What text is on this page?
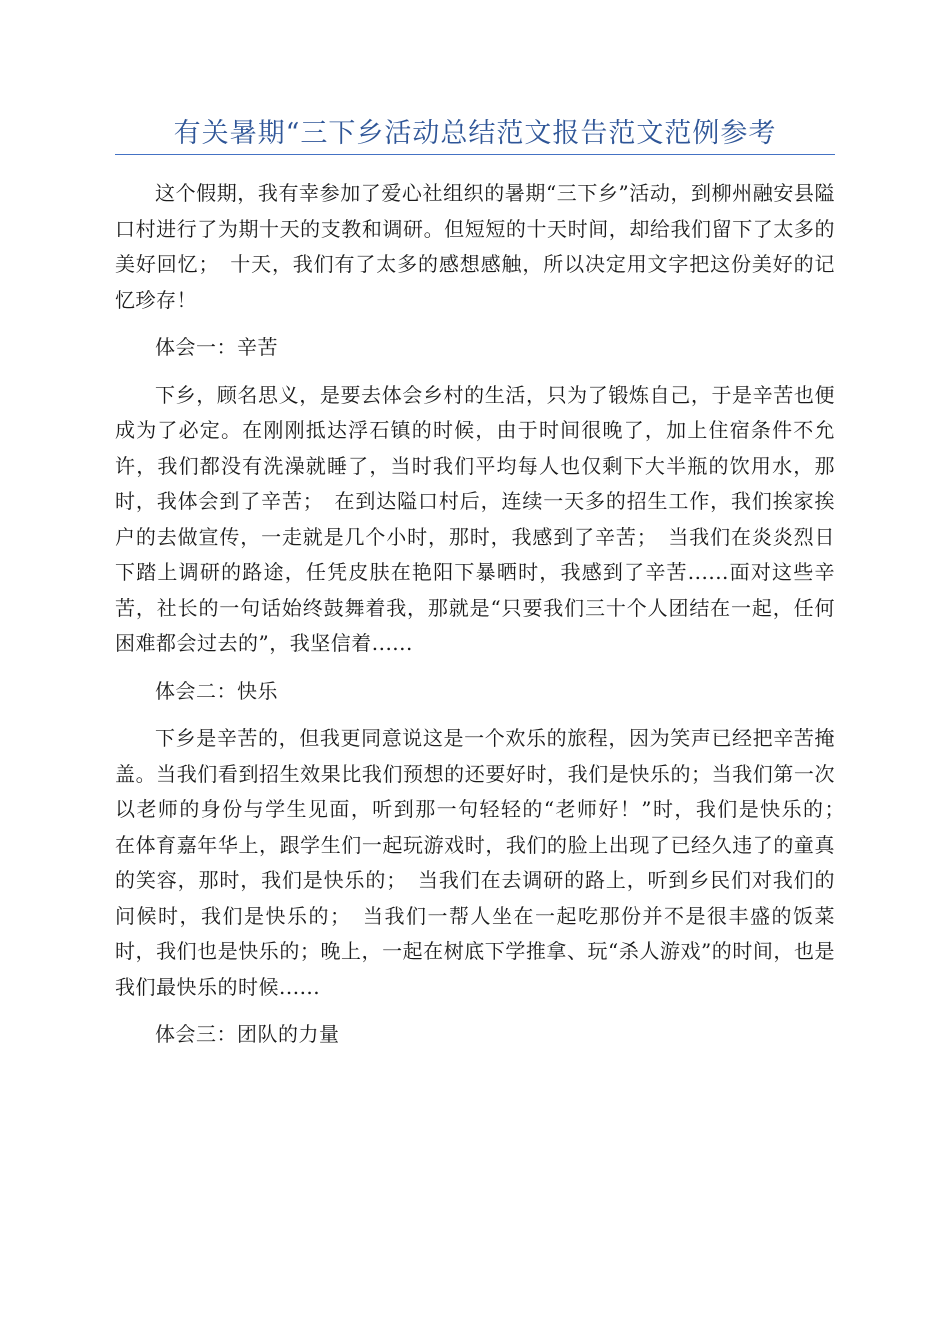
有关暑期“三下乡活动总结范文报告范文范例参考

这个假期，我有幸参加了爱心社组织的暑期“三下乡”活动，到柳州融安县隘口村进行了为期十天的支教和调研。但短短的十天时间，却给我们留下了太多的美好回忆；　十天，我们有了太多的感想感触，所以决定用文字把这份美好的记忆珍存！

体会一：辛苦

下乡，顾名思义，是要去体会乡村的生活，只为了锻炼自己，于是辛苦也便成为了必定。在刚刚抵达浮石镇的时候，由于时间很晚了，加上住宿条件不允许，我们都没有洗澡就睡了，当时我们平均每人也仅剩下大半瓶的饮用水，那时，我体会到了辛苦；　在到达隘口村后，连续一天多的招生工作，我们挨家挨户的去做宣传，一走就是几个小时，那时，我感到了辛苦；　当我们在炎炎烈日下踏上调研的路途，任凭皮肤在艳阳下暴晒时，我感到了辛苦......面对这些辛苦，社长的一句话始终鼓舞着我，那就是“只要我们三十个人团结在一起，任何困难都会过去的”，我坚信着......

体会二：快乐

下乡是辛苦的，但我更同意说这是一个欢乐的旅程，因为笑声已经把辛苦掩盖。当我们看到招生效果比我们预想的还要好时，我们是快乐的；当我们第一次以老师的身份与学生见面，听到那一句轻轻的“老师好！”时，我们是快乐的；　在体育嘉年华上，跟学生们一起玩游戏时，我们的脸上出现了已经久违了的童真的笑容，那时，我们是快乐的；　当我们在去调研的路上，听到乡民们对我们的问候时，我们是快乐的；　当我们一帮人坐在一起吃那份并不是很丰盛的饭菜时，我们也是快乐的；晚上，一起在树底下学推拿、玩“杀人游戏”的时间，也是我们最快乐的时候......

体会三：团队的力量
